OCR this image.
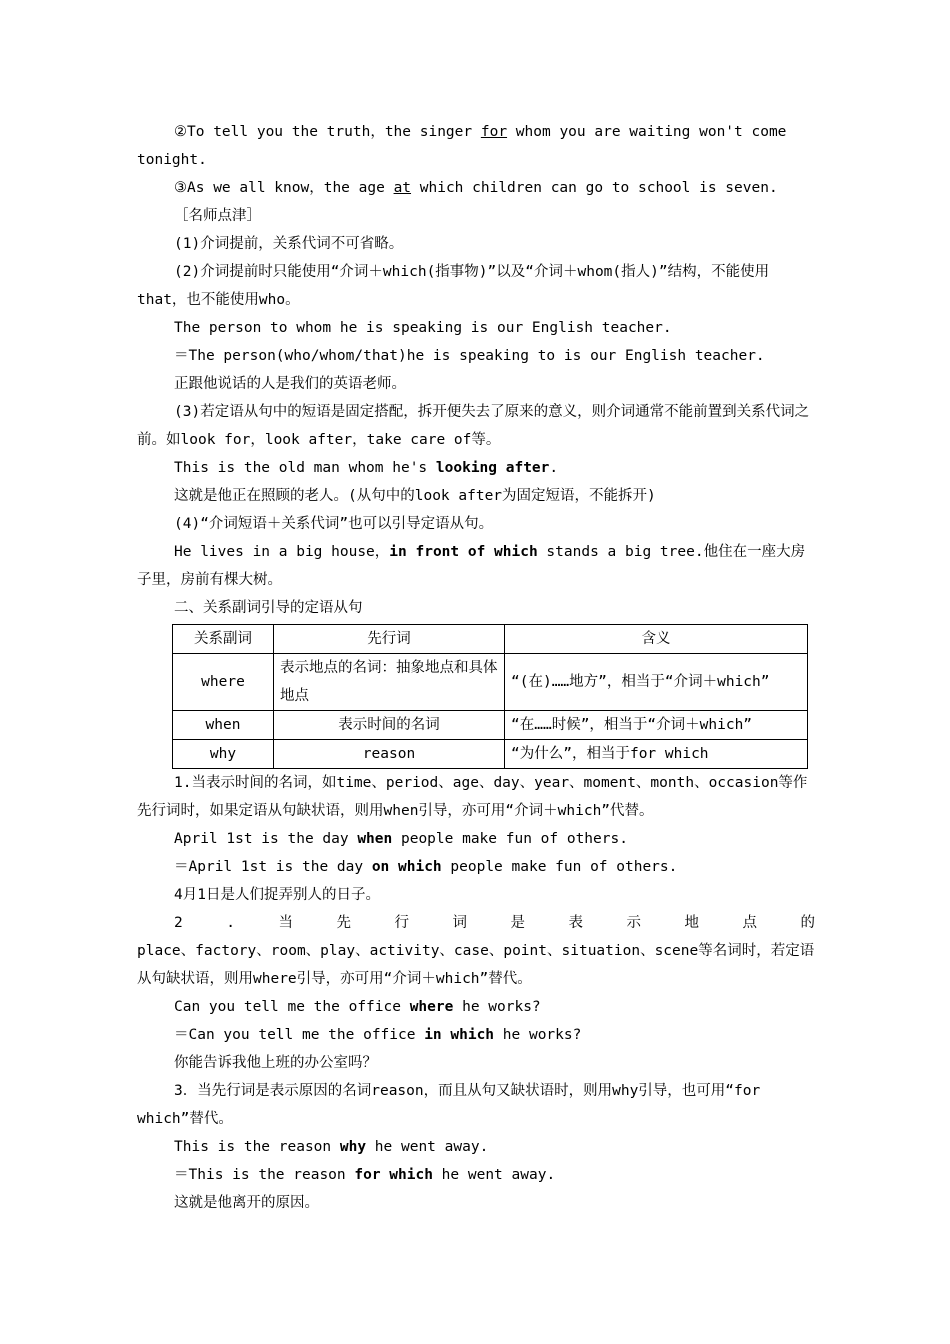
②To tell you the truth，the singer for whom you are waiting won't come tonight.

③As we all know，the age at which children can go to school is seven.

［名师点津］

(1)介词提前，关系代词不可省略。

(2)介词提前时只能使用“介词＋which(指事物)”以及“介词＋whom(指人)”结构，不能使用that，也不能使用who。

The person to whom he is speaking is our English teacher.

＝The person(who/whom/that)he is speaking to is our English teacher.

正跟他说话的人是我们的英语老师。

(3)若定语从句中的短语是固定搭配，拆开便失去了原来的意义，则介词通常不能前置到关系代词之前。如look for，look after，take care of等。

This is the old man whom he's looking after.

这就是他正在照顾的老人。(从句中的look after为固定短语，不能拆开)

(4)“介词短语＋关系代词”也可以引导定语从句。

He lives in a big house，in front of which stands a big tree.他住在一座大房子里，房前有棵大树。

二、关系副词引导的定语从句

关系副词	先行词	含义
where	表示地点的名词：抽象地点和具体地点	“(在)……地方”，相当于“介词＋which”
when	表示时间的名词	“在……时候”，相当于“介词＋which”
why	reason	“为什么”，相当于for which

1.当表示时间的名词，如time、period、age、day、year、moment、month、occasion等作先行词时，如果定语从句缺状语，则用when引导，亦可用“介词＋which”代替。

April 1st is the day when people make fun of others.

＝April 1st is the day on which people make fun of others.

4月1日是人们捉弄别人的日子。

2	.	当	先	行	词	是	表	示	地	点	的

place、factory、room、play、activity、case、point、situation、scene等名词时，若定语从句缺状语，则用where引导，亦可用“介词＋which”替代。

Can you tell me the office where he works?

＝Can you tell me the office in which he works?

你能告诉我他上班的办公室吗？

3．当先行词是表示原因的名词reason，而且从句又缺状语时，则用why引导，也可用“for which”替代。

This is the reason why he went away.

＝This is the reason for which he went away.

这就是他离开的原因。
